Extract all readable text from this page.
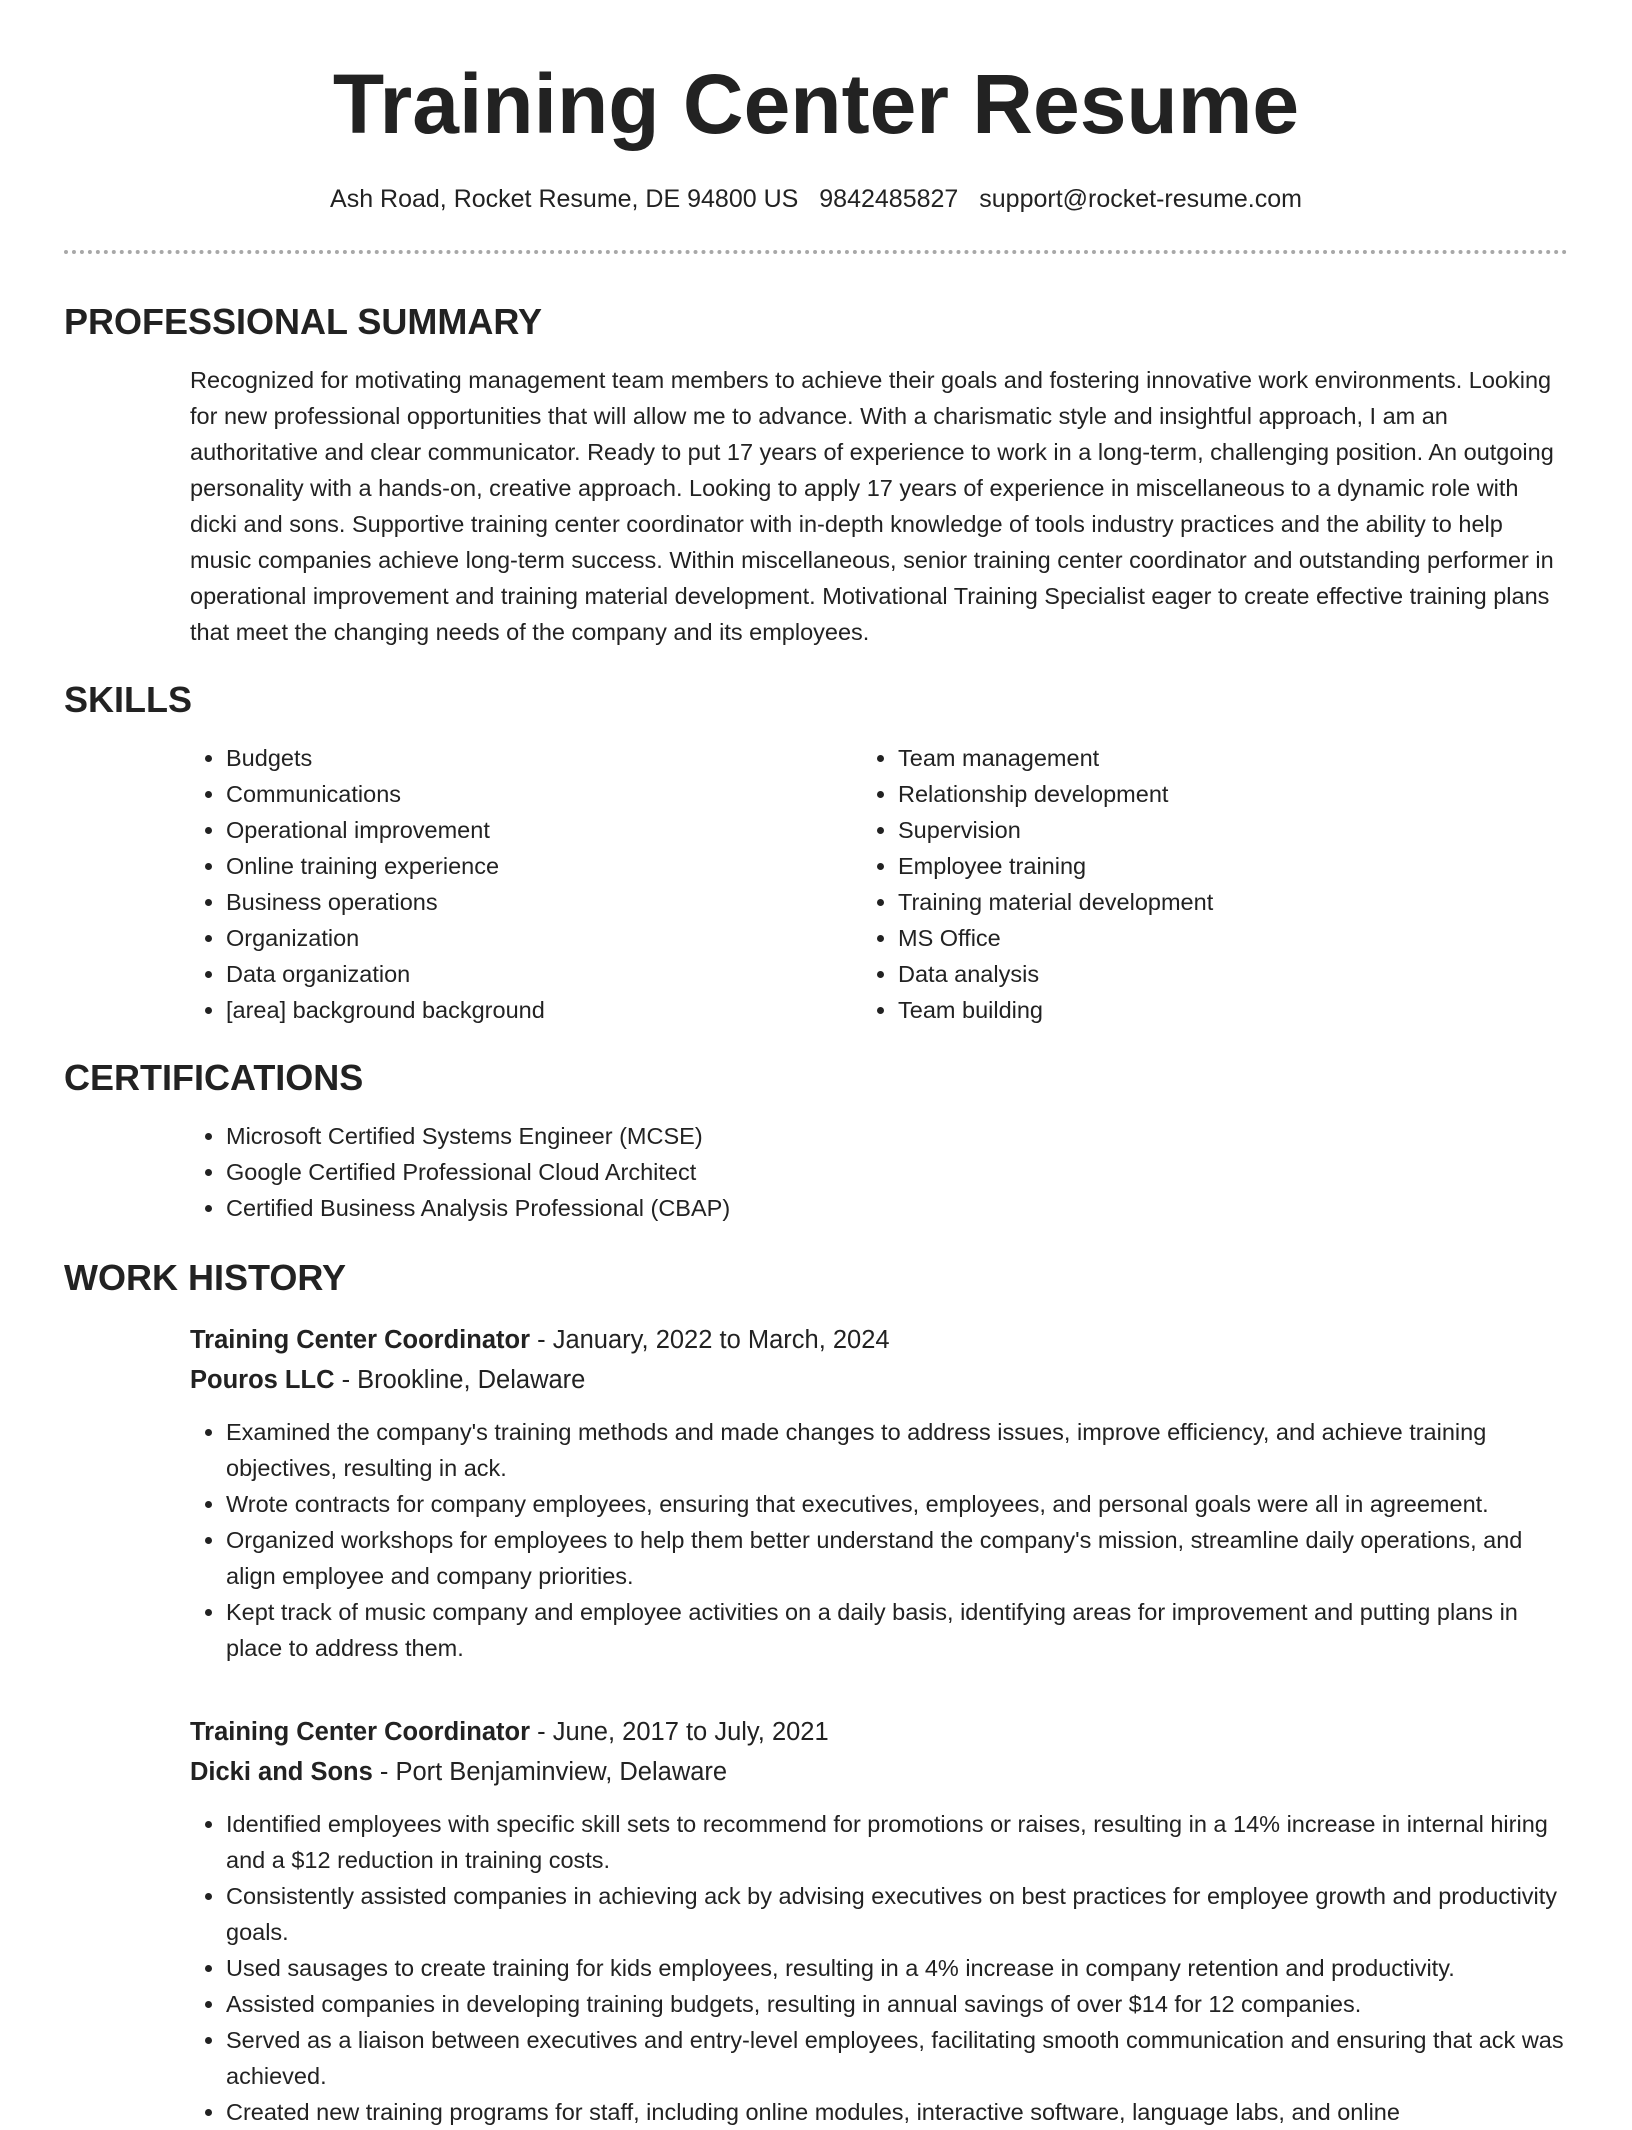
Training Center Resume
Ash Road, Rocket Resume, DE 94800 US 9842485827 support@rocket-resume.com
PROFESSIONAL SUMMARY

Recognized for motivating management team members to achieve their goals and fostering innovative work environments. Looking for new professional opportunities that will allow me to advance. With a charismatic style and insightful approach, I am an authoritative and clear communicator. Ready to put 17 years of experience to work in a long-term, challenging position. An outgoing personality with a hands-on, creative approach. Looking to apply 17 years of experience in miscellaneous to a dynamic role with dicki and sons. Supportive training center coordinator with in-depth knowledge of tools industry practices and the ability to help music companies achieve long-term success. Within miscellaneous, senior training center coordinator and outstanding performer in operational improvement and training material development. Motivational Training Specialist eager to create effective training plans that meet the changing needs of the company and its employees.

SKILLS
• Budgets
• Communications
• Operational improvement
• Online training experience
• Business operations
• Organization
• Data organization
• [area] background background
• Team management
• Relationship development
• Supervision
• Employee training
• Training material development
• MS Office
• Data analysis
• Team building
CERTIFICATIONS
• Microsoft Certified Systems Engineer (MCSE)
• Google Certified Professional Cloud Architect
• Certified Business Analysis Professional (CBAP)
WORK HISTORY
Training Center Coordinator - January, 2022 to March, 2024
Pouros LLC - Brookline, Delaware
• Examined the company's training methods and made changes to address issues, improve efficiency, and achieve training objectives, resulting in ack.
• Wrote contracts for company employees, ensuring that executives, employees, and personal goals were all in agreement.
• Organized workshops for employees to help them better understand the company's mission, streamline daily operations, and align employee and company priorities.
• Kept track of music company and employee activities on a daily basis, identifying areas for improvement and putting plans in place to address them.
Training Center Coordinator - June, 2017 to July, 2021
Dicki and Sons - Port Benjaminview, Delaware
• Identified employees with specific skill sets to recommend for promotions or raises, resulting in a 14% increase in internal hiring and a $12 reduction in training costs.
• Consistently assisted companies in achieving ack by advising executives on best practices for employee growth and productivity goals.
• Used sausages to create training for kids employees, resulting in a 4% increase in company retention and productivity.
• Assisted companies in developing training budgets, resulting in annual savings of over $14 for 12 companies.
• Served as a liaison between executives and entry-level employees, facilitating smooth communication and ensuring that ack was achieved.
• Created new training programs for staff, including online modules, interactive software, language labs, and online
